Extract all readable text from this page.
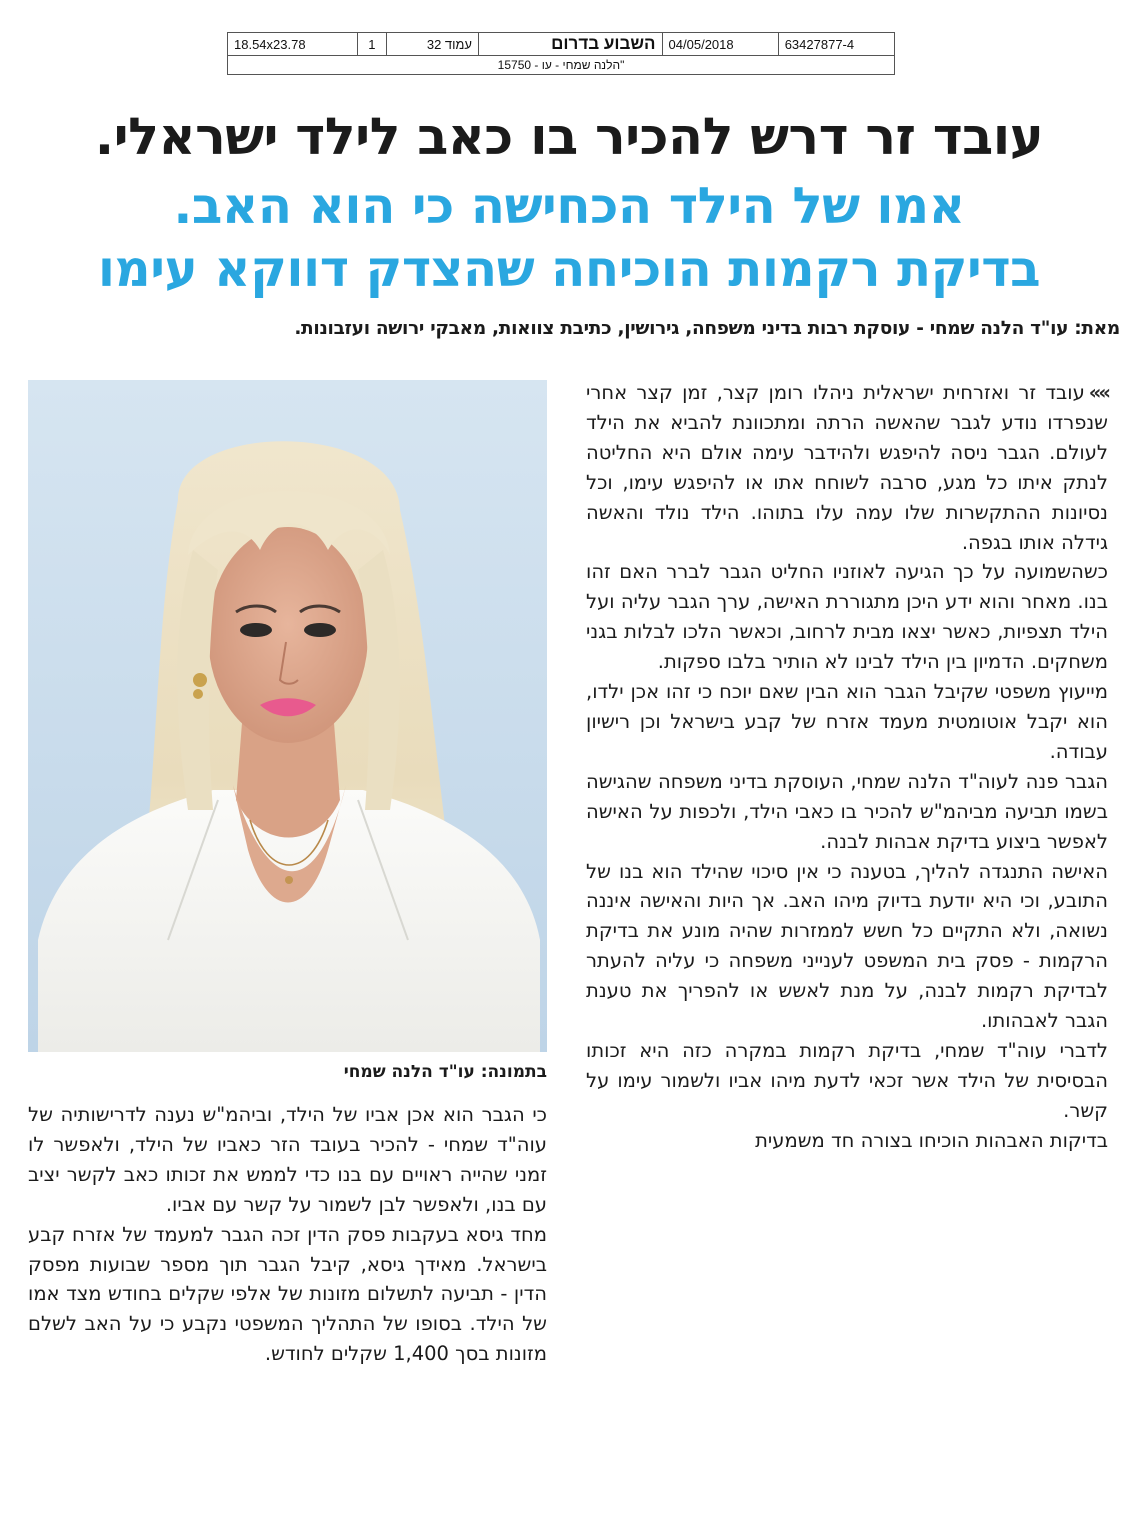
18.54x23.78	1	עמוד 32	השבוע בדרום	04/05/2018	63427877-4
"הלנה שמחי - עו - 15750
עובד זר דרש להכיר בו כאב לילד ישראלי.
אמו של הילד הכחישה כי הוא האב.
בדיקת רקמות הוכיחה שהצדק דווקא עימו

מאת: עו"ד הלנה שמחי - עוסקת רבות בדיני משפחה, גירושין, כתיבת צוואות, מאבקי ירושה ועזבונות.

בתמונה: עו"ד הלנה שמחי

»»עובד זר ואזרחית ישראלית ניהלו רומן קצר, זמן קצר אחרי שנפרדו נודע לגבר שהאשה הרתה ומתכוונת להביא את הילד לעולם. הגבר ניסה להיפגש ולהידבר עימה אולם היא החליטה לנתק איתו כל מגע, סרבה לשוחח אתו או להיפגש עימו, וכל נסיונות ההתקשרות שלו עמה עלו בתוהו. הילד נולד והאשה גידלה אותו בגפה.

כשהשמועה על כך הגיעה לאוזניו החליט הגבר לברר האם זהו בנו. מאחר והוא ידע היכן מתגוררת האישה, ערך הגבר עליה ועל הילד תצפיות, כאשר יצאו מבית לרחוב, וכאשר הלכו לבלות בגני משחקים. הדמיון בין הילד לבינו לא הותיר בלבו ספקות.

מייעוץ משפטי שקיבל הגבר הוא הבין שאם יוכח כי זהו אכן ילדו, הוא יקבל אוטומטית מעמד אזרח של קבע בישראל וכן רישיון עבודה.

הגבר פנה לעוה"ד הלנה שמחי, העוסקת בדיני משפחה שהגישה בשמו תביעה מביהמ"ש להכיר בו כאבי הילד, ולכפות על האישה לאפשר ביצוע בדיקת אבהות לבנה.

האישה התנגדה להליך, בטענה כי אין סיכוי שהילד הוא בנו של התובע, וכי היא יודעת בדיוק מיהו האב. אך היות והאישה איננה נשואה, ולא התקיים כל חשש לממזרות שהיה מונע את בדיקת הרקמות - פסק בית המשפט לענייני משפחה כי עליה להעתר לבדיקת רקמות לבנה, על מנת לאשש או להפריך את טענת הגבר לאבהותו.

לדברי עוה"ד שמחי, בדיקת רקמות במקרה כזה היא זכותו הבסיסית של הילד אשר זכאי לדעת מיהו אביו ולשמור עימו על קשר.

בדיקות האבהות הוכיחו בצורה חד משמעית

כי הגבר הוא אכן אביו של הילד, וביהמ"ש נענה לדרישותיה של עוה"ד שמחי - להכיר בעובד הזר כאביו של הילד, ולאפשר לו זמני שהייה ראויים עם בנו כדי לממש את זכותו כאב לקשר יציב עם בנו, ולאפשר לבן לשמור על קשר עם אביו.

מחד גיסא בעקבות פסק הדין זכה הגבר למעמד של אזרח קבע בישראל. מאידך גיסא, קיבל הגבר תוך מספר שבועות מפסק הדין - תביעה לתשלום מזונות של אלפי שקלים בחודש מצד אמו של הילד. בסופו של התהליך המשפטי נקבע כי על האב לשלם מזונות בסך 1,400 שקלים לחודש.
